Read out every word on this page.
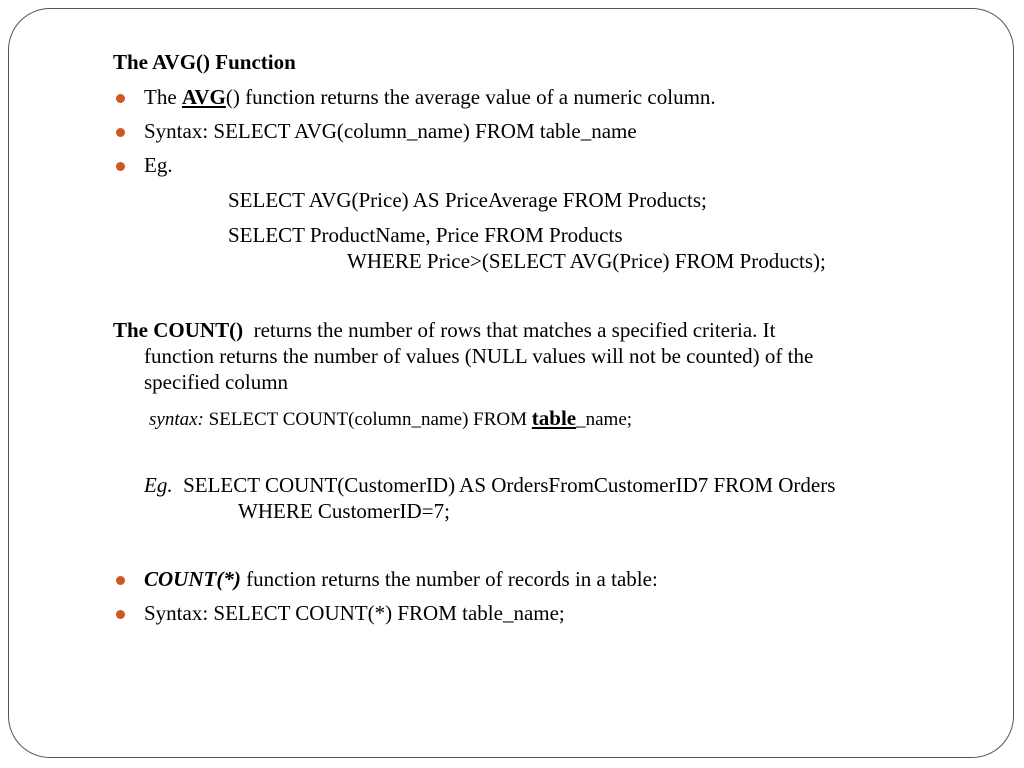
The AVG() Function
The AVG() function returns the average value of a numeric column.
Syntax: SELECT AVG(column_name) FROM table_name
Eg.
SELECT AVG(Price) AS PriceAverage FROM Products;
SELECT ProductName, Price FROM Products
WHERE Price>(SELECT AVG(Price) FROM Products);
The COUNT()  returns the number of rows that matches a specified criteria. It
function returns the number of values (NULL values will not be counted) of the
specified column
syntax: SELECT COUNT(column_name) FROM table_name;
Eg.  SELECT COUNT(CustomerID) AS OrdersFromCustomerID7 FROM Orders
WHERE CustomerID=7;
COUNT(*) function returns the number of records in a table:
Syntax: SELECT COUNT(*) FROM table_name;
